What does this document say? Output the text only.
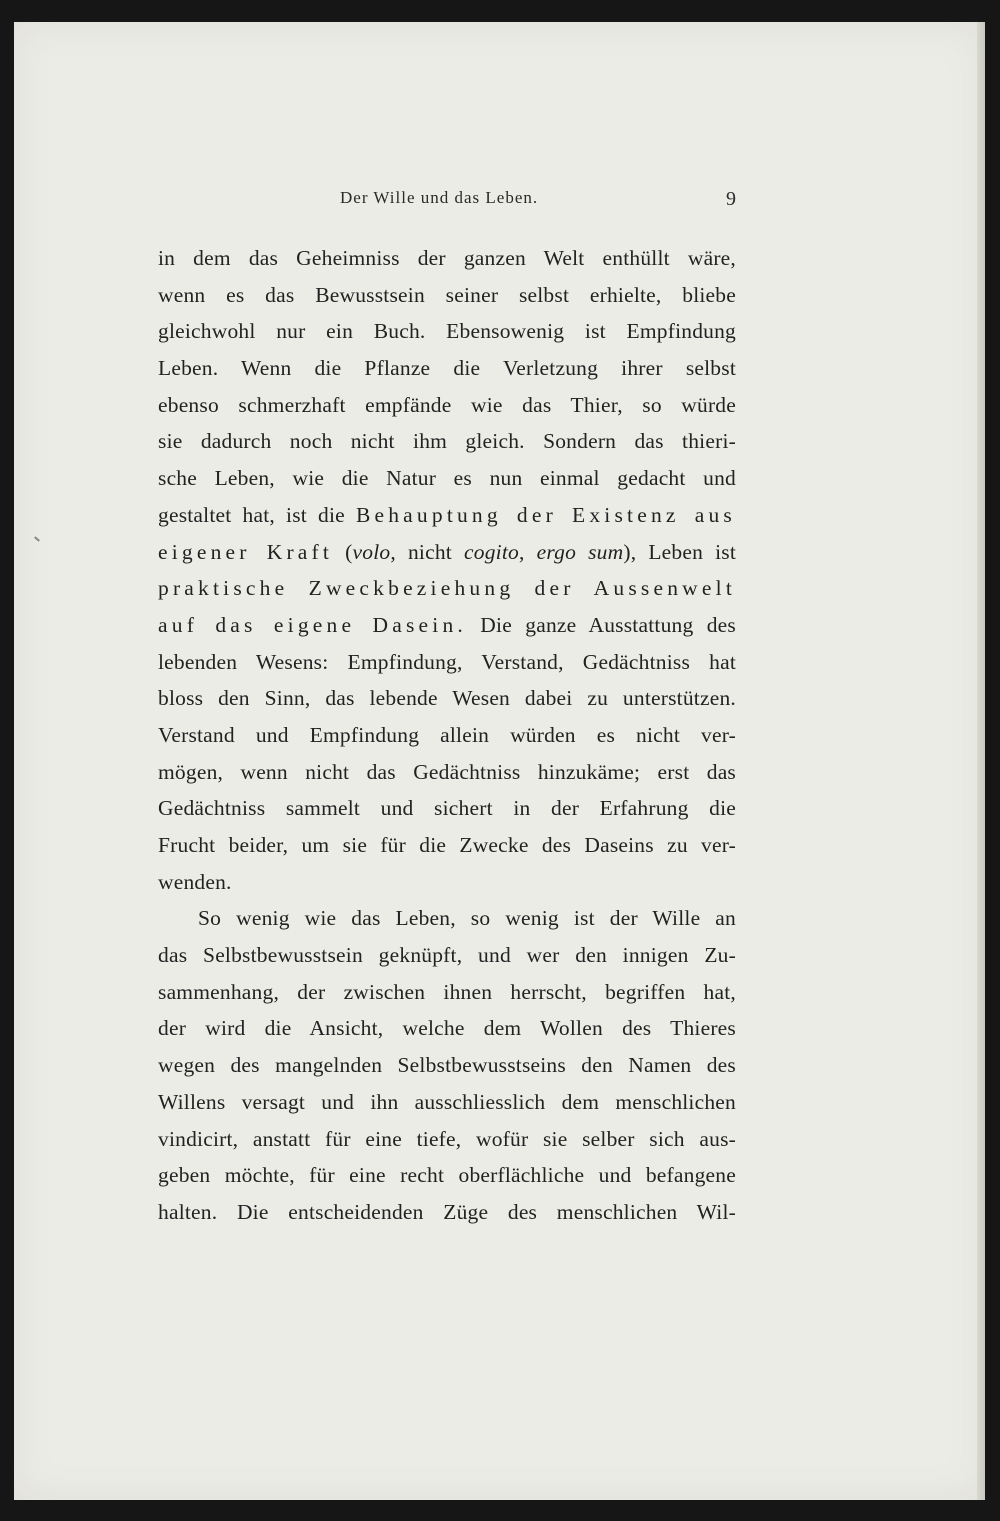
Der Wille und das Leben.	9
in dem das Geheimniss der ganzen Welt enthüllt wäre,
wenn es das Bewusstsein seiner selbst erhielte, bliebe
gleichwohl nur ein Buch. Ebensowenig ist Empfindung
Leben. Wenn die Pflanze die Verletzung ihrer selbst
ebenso schmerzhaft empfände wie das Thier, so würde
sie dadurch noch nicht ihm gleich. Sondern das thieri-
sche Leben, wie die Natur es nun einmal gedacht und
gestaltet hat, ist die Behauptung der Existenz aus
eigener Kraft (volo, nicht cogito, ergo sum), Leben ist
praktische Zweckbeziehung der Aussenwelt
auf das eigene Dasein. Die ganze Ausstattung des
lebenden Wesens: Empfindung, Verstand, Gedächtniss hat
bloss den Sinn, das lebende Wesen dabei zu unterstützen.
Verstand und Empfindung allein würden es nicht ver-
mögen, wenn nicht das Gedächtniss hinzukäme; erst das
Gedächtniss sammelt und sichert in der Erfahrung die
Frucht beider, um sie für die Zwecke des Daseins zu ver-
wenden.
So wenig wie das Leben, so wenig ist der Wille an
das Selbstbewusstsein geknüpft, und wer den innigen Zu-
sammenhang, der zwischen ihnen herrscht, begriffen hat,
der wird die Ansicht, welche dem Wollen des Thieres
wegen des mangelnden Selbstbewusstseins den Namen des
Willens versagt und ihn ausschliesslich dem menschlichen
vindicirt, anstatt für eine tiefe, wofür sie selber sich aus-
geben möchte, für eine recht oberflächliche und befangene
halten. Die entscheidenden Züge des menschlichen Wil-
